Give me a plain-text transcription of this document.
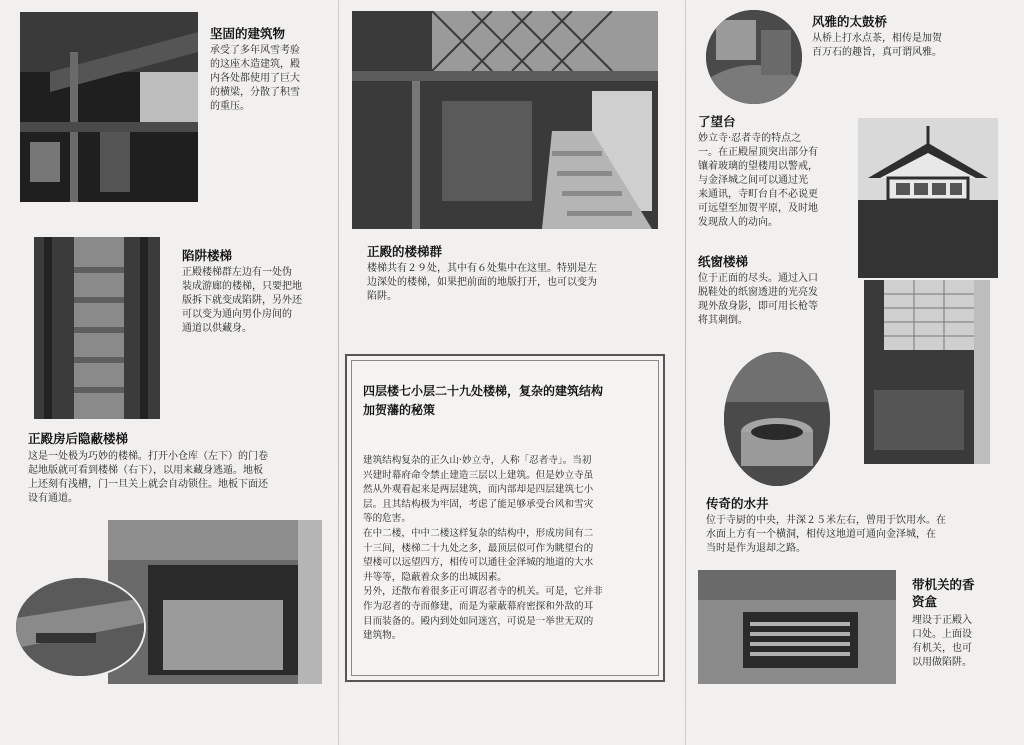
坚固的建筑物
承受了多年风雪考验
的这座木造建筑，殿
内各处都使用了巨大
的横梁，分散了积雪
的重压。
陷阱楼梯
正殿楼梯群左边有一处伪
装成游廊的楼梯，只要把地
版拆下就变成陷阱，另外还
可以变为通向男仆房间的
通道以供藏身。
正殿房后隐蔽楼梯
这是一处极为巧妙的楼梯。打开小仓库（左下）的门卷
起地版就可看到楼梯（右下），以用来藏身逃遁。地板
上还刻有浅槽，门一旦关上就会自动锁住。地板下面还
设有通道。
正殿的楼梯群
楼梯共有２９处，其中有６处集中在这里。特别是左
边深处的楼梯，如果把前面的地版打开，也可以变为
陷阱。
四层楼七小层二十九处楼梯，复杂的建筑结构
加贺藩的秘策
建筑结构复杂的正久山·妙立寺，人称「忍者寺」。当初
兴建时幕府命令禁止建造三层以上建筑。但是妙立寺虽
然从外观看起来是两层建筑，而内部却是四层建筑七小
层。且其结构极为牢固，考虑了能足够承受台风和雪灾
等的危害。
在中二楼，中中二楼这样复杂的结构中，形成房间有二
十三间，楼梯二十九处之多，最顶层似可作为眺望台的
望楼可以远望四方，相传可以通往金泽城的地道的大水
井等等，隐蔽着众多的出城因素。
另外，还散布着很多正可谓忍者寺的机关。可是，它并非
作为忍者的寺而修建，而是为蒙蔽幕府密探和外敌的耳
目而装备的。殿内到处如同迷宫，可说是一举世无双的
建筑物。
风雅的太鼓桥
从桥上打水点茶，相传是加贺
百万石的趣旨，真可谓风雅。
了望台
妙立寺·忍者寺的特点之
一。在正殿屋顶突出部分有
镶着玻璃的望楼用以警戒，
与金泽城之间可以通过光
来通讯，寺町台自不必说更
可远望至加贺平原，及时地
发现敌人的动向。
纸窗楼梯
位于正面的尽头。通过入口
脱鞋处的纸窗透进的光亮发
现外敌身影，即可用长枪等
将其刺倒。
传奇的水井
位于寺厨的中央，井深２５米左右，曾用于饮用水。在
水面上方有一个横洞，相传这地道可通向金泽城，在
当时是作为退却之路。
带机关的香
资盒
埋设于正殿入
口处。上面设
有机关，也可
以用做陷阱。
